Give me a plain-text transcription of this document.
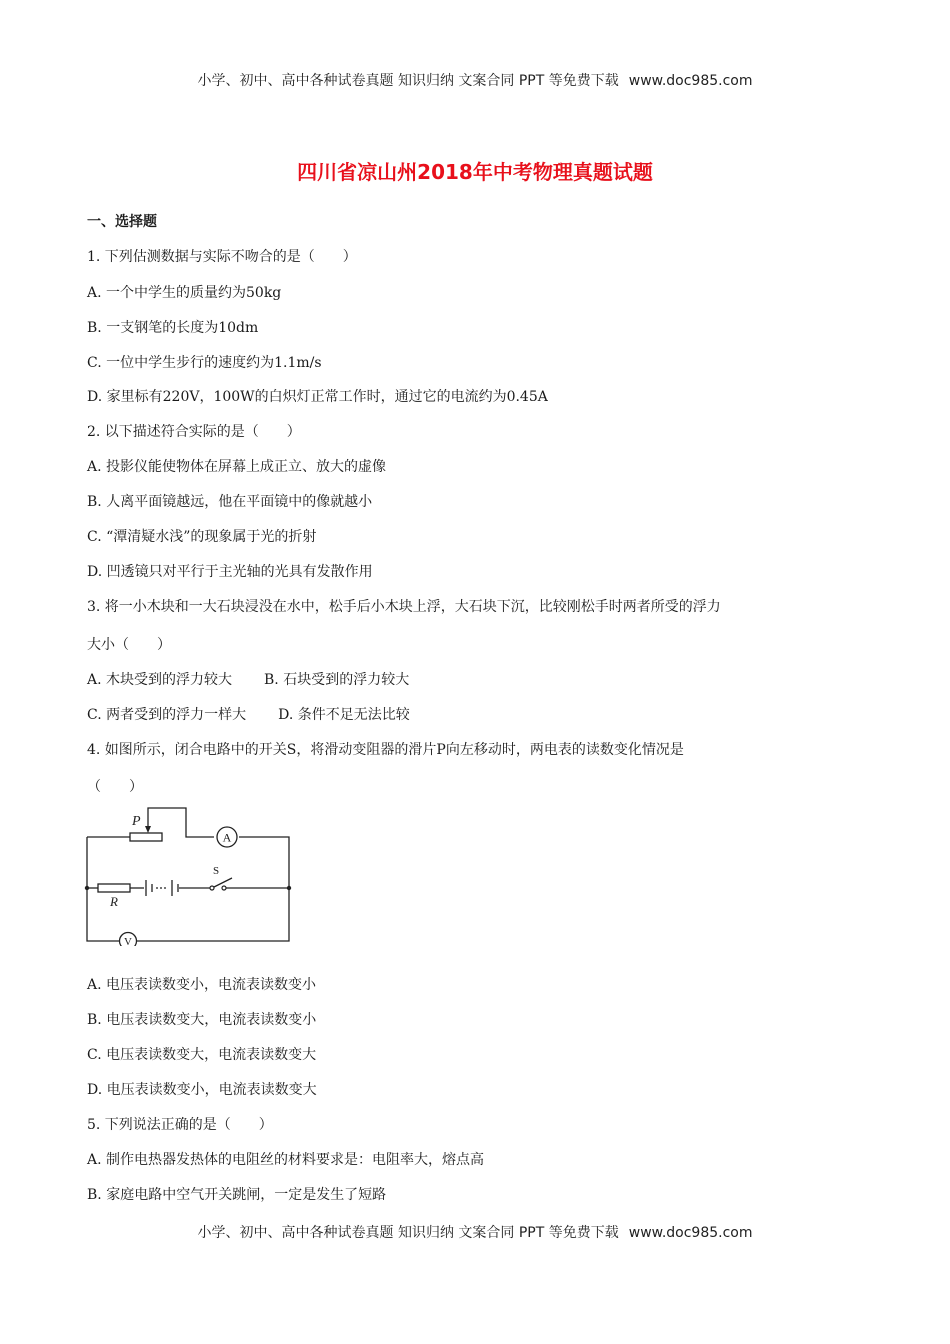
小学、初中、高中各种试卷真题 知识归纳 文案合同 PPT 等免费下载 www.doc985.com
四川省凉山州2018年中考物理真题试题
一、选择题
1. 下列估测数据与实际不吻合的是（　　）
A. 一个中学生的质量约为50kg
B. 一支钢笔的长度为10dm
C. 一位中学生步行的速度约为1.1m/s
D. 家里标有220V，100W的白炽灯正常工作时，通过它的电流约为0.45A
2. 以下描述符合实际的是（　　）
A. 投影仪能使物体在屏幕上成正立、放大的虚像
B. 人离平面镜越远，他在平面镜中的像就越小
C. “潭清疑水浅”的现象属于光的折射
D. 凹透镜只对平行于主光轴的光具有发散作用
3. 将一小木块和一大石块浸没在水中，松手后小木块上浮，大石块下沉，比较刚松手时两者所受的浮力
大小（　　）
A. 木块受到的浮力较大 B. 石块受到的浮力较大
C. 两者受到的浮力一样大 D. 条件不足无法比较
4. 如图所示，闭合电路中的开关S，将滑动变阻器的滑片P向左移动时，两电表的读数变化情况是
（　　）
A
V
P
R
S
A. 电压表读数变小，电流表读数变小
B. 电压表读数变大，电流表读数变小
C. 电压表读数变大，电流表读数变大
D. 电压表读数变小，电流表读数变大
5. 下列说法正确的是（　　）
A. 制作电热器发热体的电阻丝的材料要求是：电阻率大，熔点高
B. 家庭电路中空气开关跳闸，一定是发生了短路
小学、初中、高中各种试卷真题 知识归纳 文案合同 PPT 等免费下载 www.doc985.com
